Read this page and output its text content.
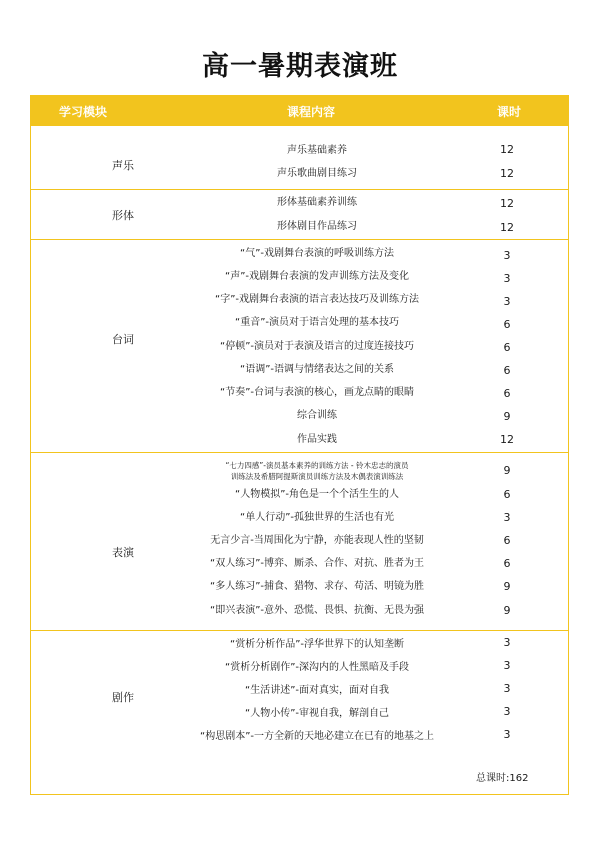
高一暑期表演班
学习模块	课程内容	课时
声乐
声乐基础素养	12
声乐歌曲剧目练习	12
形体
形体基础素养训练	12
形体剧目作品练习	12
台词
“气”-戏剧舞台表演的呼吸训练方法	3
“声”-戏剧舞台表演的发声训练方法及变化	3
“字”-戏剧舞台表演的语言表达技巧及训练方法	3
“重音”-演员对于语言处理的基本技巧	6
“停顿”-演员对于表演及语言的过度连接技巧	6
“语调”-语调与情绪表达之间的关系	6
“节奏”-台词与表演的核心，画龙点睛的眼睛	6
综合训练	9
作品实践	12
表演
“七力四感”-演员基本素养的训练方法 - 铃木忠志的演员
训练法及希腊阿提斯演员训练方法及木偶表演训练法	9
“人物模拟”-角色是一个个活生生的人	6
“单人行动”-孤独世界的生活也有光	3
无言少言-当周围化为宁静，亦能表现人性的坚韧	6
“双人练习”-博弈、厮杀、合作、对抗、胜者为王	6
“多人练习”-捕食、猎物、求存、苟活、明镜为胜	9
“即兴表演”-意外、恐慌、畏惧、抗衡、无畏为强	9
剧作
“赏析分析作品”-浮华世界下的认知垄断	3
“赏析分析剧作”-深沟内的人性黑暗及手段	3
“生活讲述”-面对真实，面对自我	3
“人物小传”-审视自我，解剖自己	3
“构思剧本”-一方全新的天地必建立在已有的地基之上	3
总课时:162
